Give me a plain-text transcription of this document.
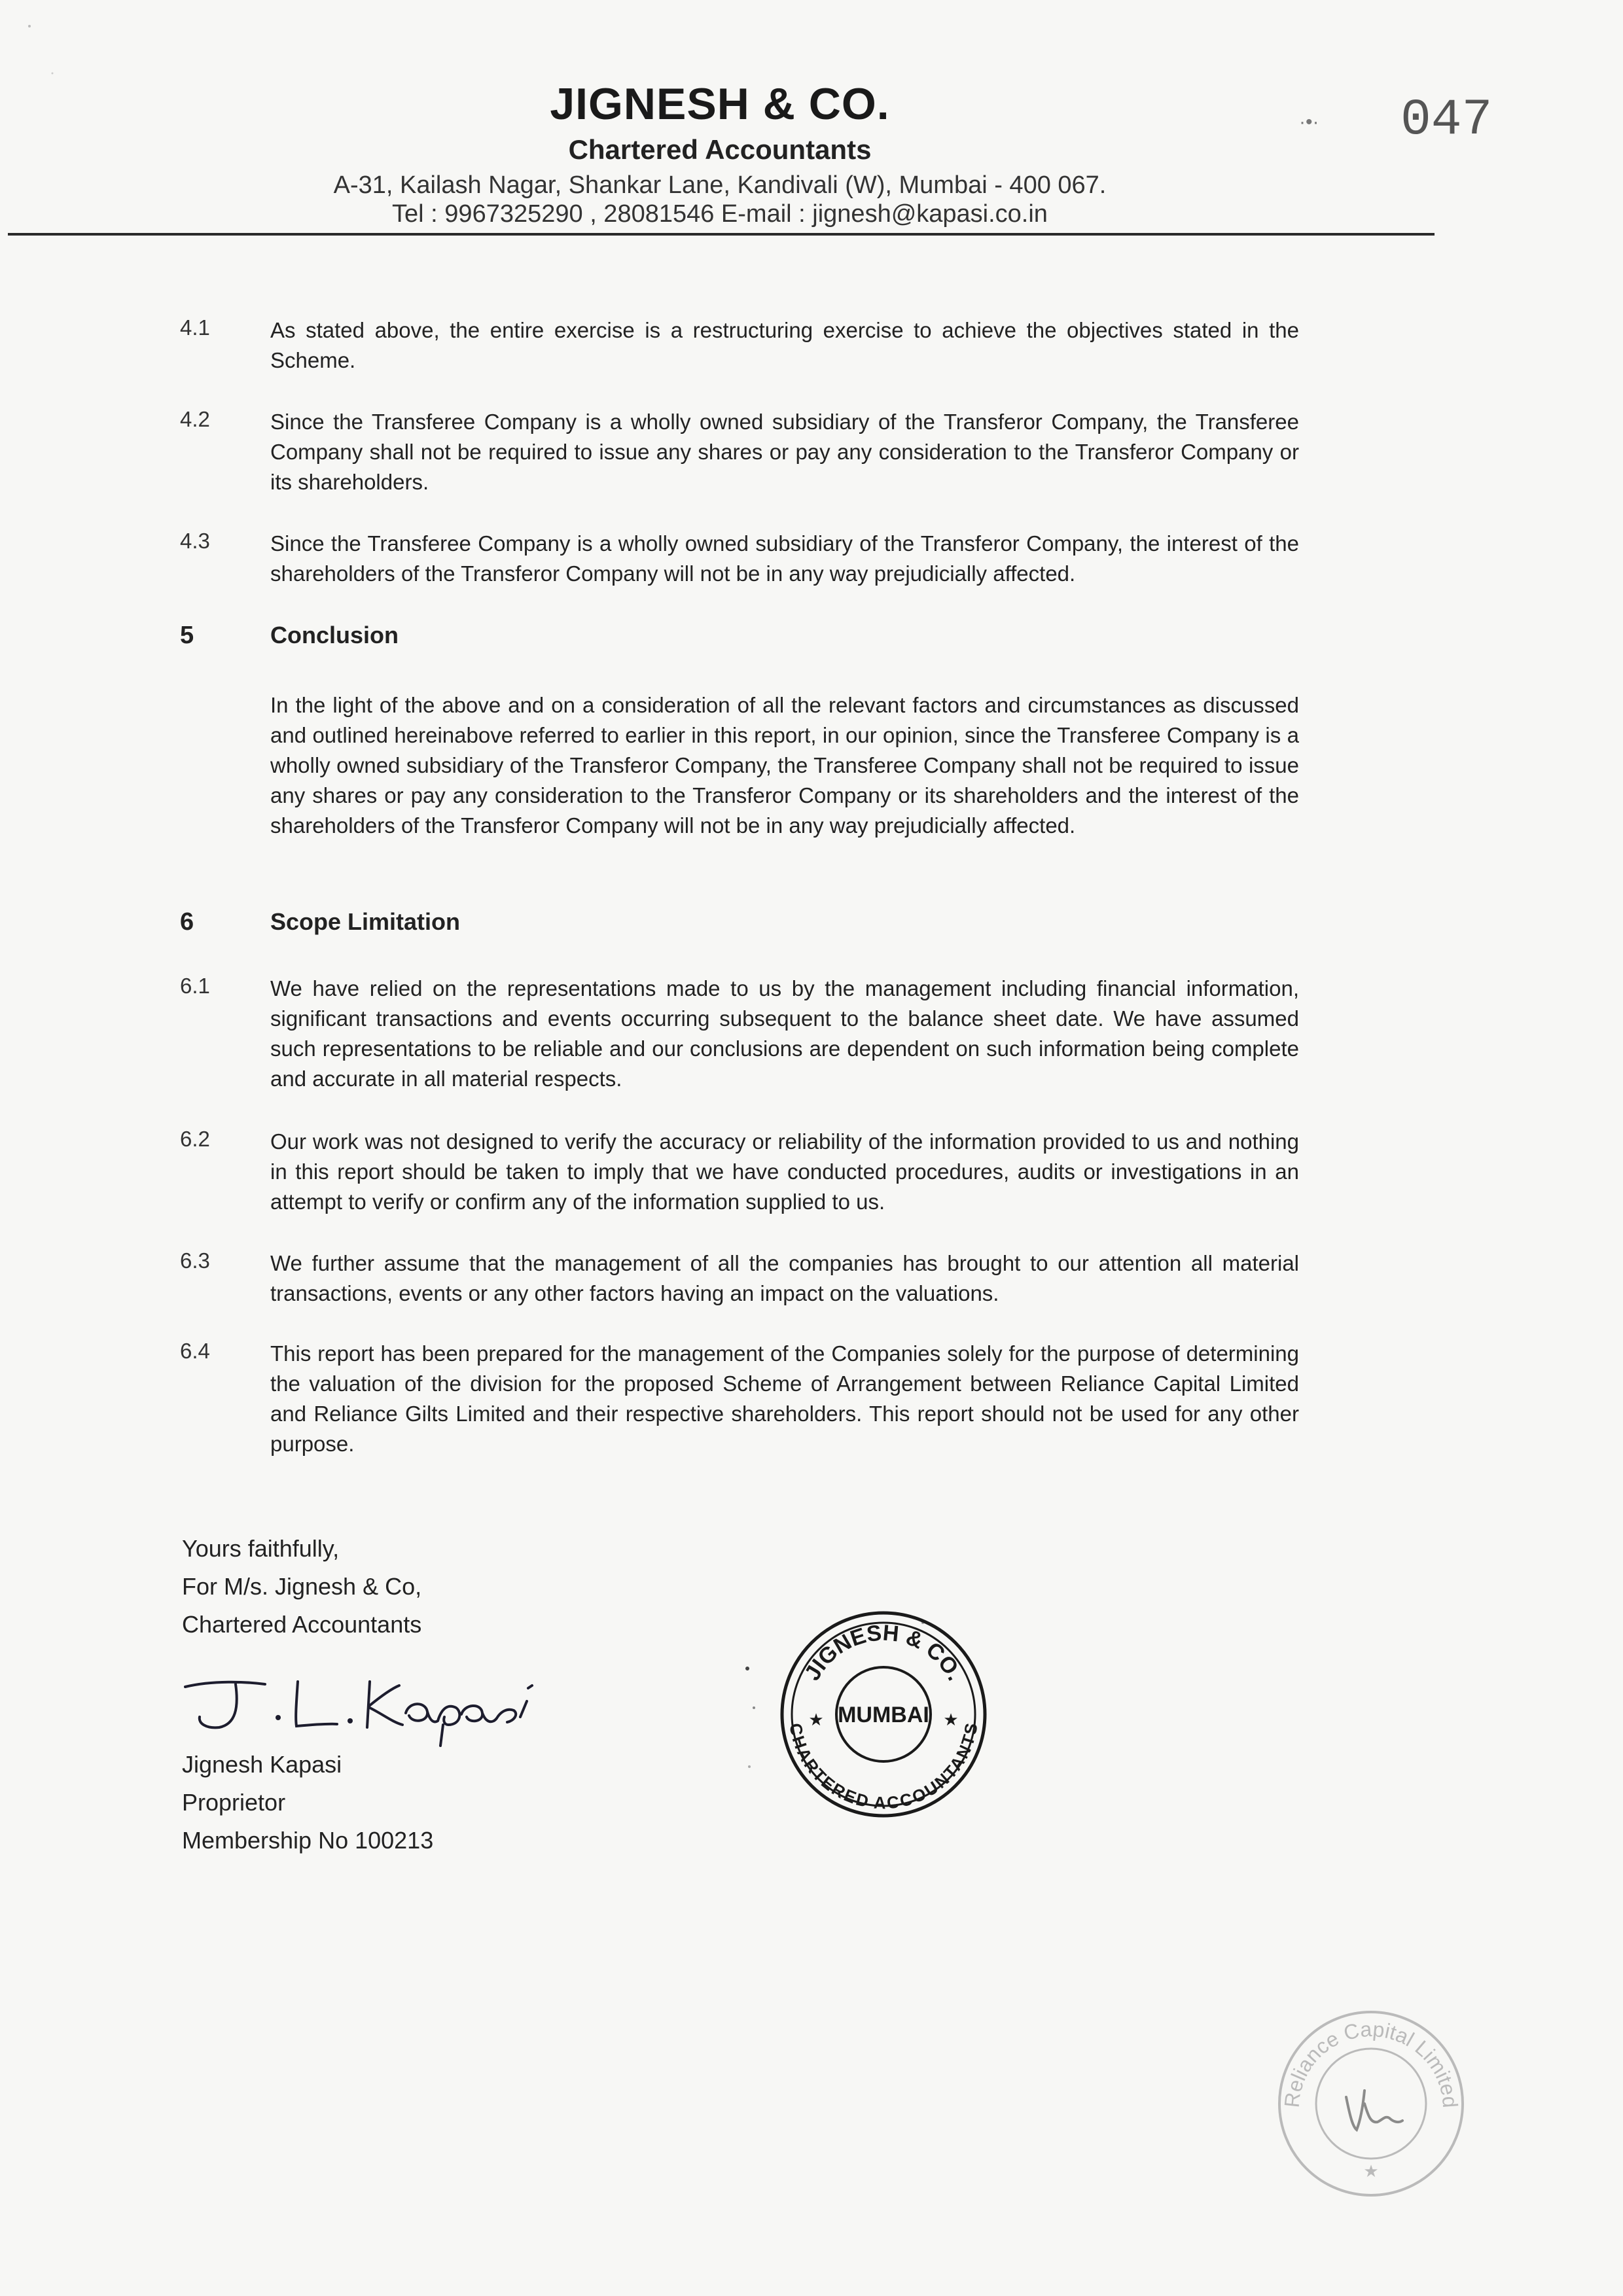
JIGNESH & CO.
Chartered Accountants
A-31, Kailash Nagar, Shankar Lane, Kandivali (W), Mumbai - 400 067.
Tel : 9967325290 , 28081546 E-mail : jignesh@kapasi.co.in
·•· 047
4.1	As stated above, the entire exercise is a restructuring exercise to achieve the objectives stated in the Scheme.
4.2	Since the Transferee Company is a wholly owned subsidiary of the Transferor Company, the Transferee Company shall not be required to issue any shares or pay any consideration to the Transferor Company or its shareholders.
4.3	Since the Transferee Company is a wholly owned subsidiary of the Transferor Company, the interest of the shareholders of the Transferor Company will not be in any way prejudicially affected.
5	Conclusion
In the light of the above and on a consideration of all the relevant factors and circumstances as discussed and outlined hereinabove referred to earlier in this report, in our opinion, since the Transferee Company is a wholly owned subsidiary of the Transferor Company, the Transferee Company shall not be required to issue any shares or pay any consideration to the Transferor Company or its shareholders and the interest of the shareholders of the Transferor Company will not be in any way prejudicially affected.
6	Scope Limitation
6.1	We have relied on the representations made to us by the management including financial information, significant transactions and events occurring subsequent to the balance sheet date. We have assumed such representations to be reliable and our conclusions are dependent on such information being complete and accurate in all material respects.
6.2	Our work was not designed to verify the accuracy or reliability of the information provided to us and nothing in this report should be taken to imply that we have conducted procedures, audits or investigations in an attempt to verify or confirm any of the information supplied to us.
6.3	We further assume that the management of all the companies has brought to our attention all material transactions, events or any other factors having an impact on the valuations.
6.4	This report has been prepared for the management of the Companies solely for the purpose of determining the valuation of the division for the proposed Scheme of Arrangement between Reliance Capital Limited and Reliance Gilts Limited and their respective shareholders. This report should not be used for any other purpose.
Yours faithfully,
For M/s. Jignesh & Co,
Chartered Accountants
Jignesh Kapasi
Proprietor
Membership No 100213
JIGNESH & CO.
CHARTERED ACCOUNTANTS
MUMBAI
★	★
Reliance Capital Limited
★
